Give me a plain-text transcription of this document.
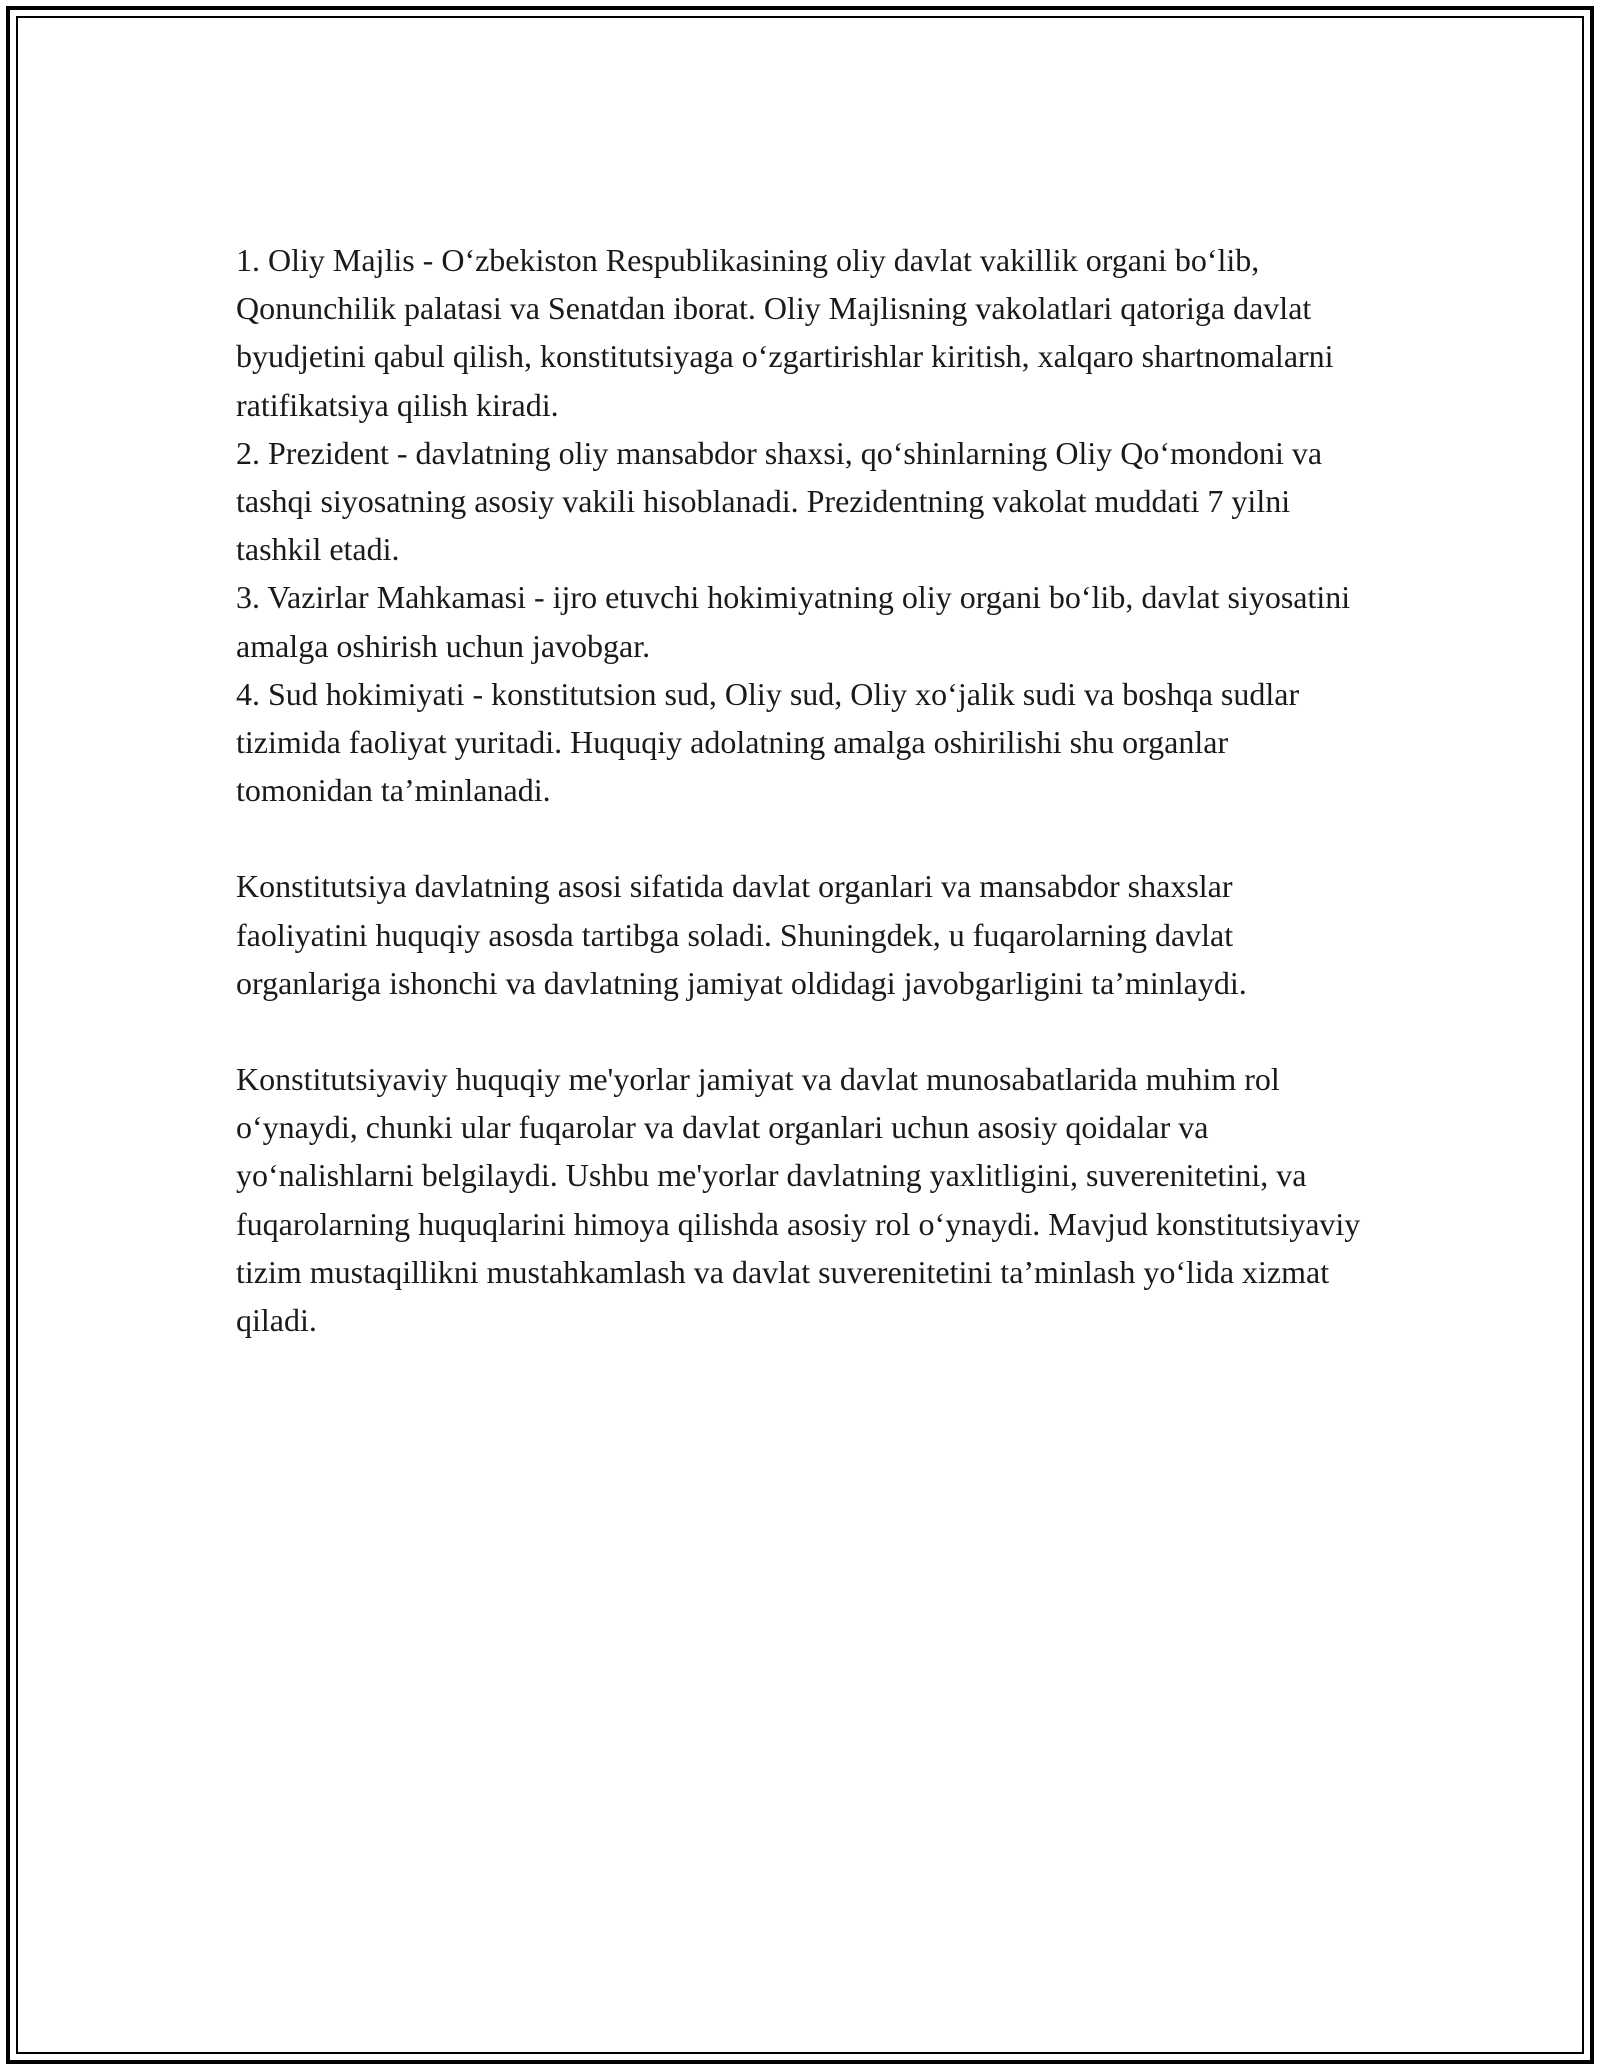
1. Oliy Majlis - O‘zbekiston Respublikasining oliy davlat vakillik organi bo‘lib, Qonunchilik palatasi va Senatdan iborat. Oliy Majlisning vakolatlari qatoriga davlat byudjetini qabul qilish, konstitutsiyaga o‘zgartirishlar kiritish, xalqaro shartnomalarni ratifikatsiya qilish kiradi.

2. Prezident - davlatning oliy mansabdor shaxsi, qo‘shinlarning Oliy Qo‘mondoni va tashqi siyosatning asosiy vakili hisoblanadi. Prezidentning vakolat muddati 7 yilni tashkil etadi.

3. Vazirlar Mahkamasi - ijro etuvchi hokimiyatning oliy organi bo‘lib, davlat siyosatini amalga oshirish uchun javobgar.

4. Sud hokimiyati - konstitutsion sud, Oliy sud, Oliy xo‘jalik sudi va boshqa sudlar tizimida faoliyat yuritadi. Huquqiy adolatning amalga oshirilishi shu organlar tomonidan ta’minlanadi.

Konstitutsiya davlatning asosi sifatida davlat organlari va mansabdor shaxslar faoliyatini huquqiy asosda tartibga soladi. Shuningdek, u fuqarolarning davlat organlariga ishonchi va davlatning jamiyat oldidagi javobgarligini ta’minlaydi.

Konstitutsiyaviy huquqiy me'yorlar jamiyat va davlat munosabatlarida muhim rol o‘ynaydi, chunki ular fuqarolar va davlat organlari uchun asosiy qoidalar va yo‘nalishlarni belgilaydi. Ushbu me'yorlar davlatning yaxlitligini, suverenitetini, va fuqarolarning huquqlarini himoya qilishda asosiy rol o‘ynaydi. Mavjud konstitutsiyaviy tizim mustaqillikni mustahkamlash va davlat suverenitetini ta’minlash yo‘lida xizmat qiladi.
